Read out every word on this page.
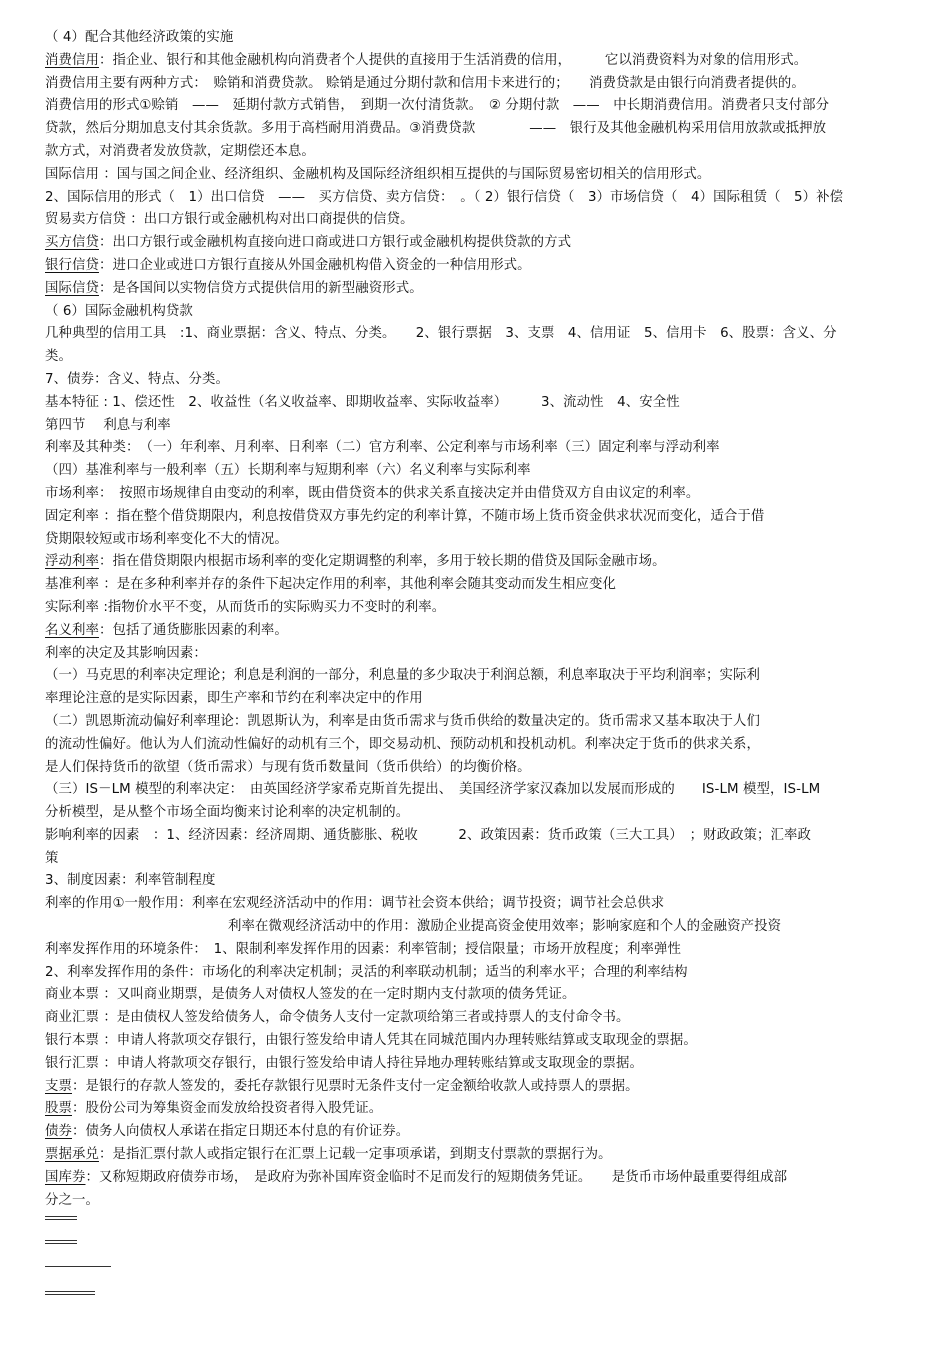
（ 4）配合其他经济政策的实施
消费信用：指企业、银行和其他金融机构向消费者个人提供的直接用于生活消费的信用，　　　它以消费资料为对象的信用形式。
消费信用主要有两种方式：　赊销和消费贷款。 赊销是通过分期付款和信用卡来进行的；　　消费贷款是由银行向消费者提供的。
消费信用的形式①赊销　——　延期付款方式销售，　到期一次付清货款。　② 分期付款　——　中长期消费信用。消费者只支付部分
贷款，然后分期加息支付其余货款。多用于高档耐用消费品。③消费贷款　　　　——　银行及其他金融机构采用信用放款或抵押放
款方式，对消费者发放贷款，定期偿还本息。
国际信用 ：国与国之间企业、经济组织、金融机构及国际经济组织相互提供的与国际贸易密切相关的信用形式。
2、国际信用的形式（　1）出口信贷　——　买方信贷、卖方信贷：　。（ 2）银行信贷（　3）市场信贷（　4）国际租赁（　5）补偿
贸易卖方信贷 ：出口方银行或金融机构对出口商提供的信贷。
买方信贷：出口方银行或金融机构直接向进口商或进口方银行或金融机构提供贷款的方式
银行信贷：进口企业或进口方银行直接从外国金融机构借入资金的一种信用形式。
国际信贷：是各国间以实物信贷方式提供信用的新型融资形式。
（ 6）国际金融机构贷款
几种典型的信用工具　:1、商业票据：含义、特点、分类。　　2、银行票据　3、支票　4、信用证　5、信用卡　6、股票：含义、分
类。
7、债券：含义、特点、分类。
基本特征 : 1、偿还性　2、收益性（名义收益率、即期收益率、实际收益率）　　　3、流动性　4、安全性
第四节　 利息与利率
利率及其种类：　（一）年利率、月利率、日利率（二）官方利率、公定利率与市场利率（三）固定利率与浮动利率
（四）基准利率与一般利率（五）长期利率与短期利率（六）名义利率与实际利率
市场利率：　按照市场规律自由变动的利率，既由借贷资本的供求关系直接决定并由借贷双方自由议定的利率。
固定利率 ：指在整个借贷期限内，利息按借贷双方事先约定的利率计算，不随市场上货币资金供求状况而变化，适合于借
贷期限较短或市场利率变化不大的情况。
浮动利率：指在借贷期限内根据市场利率的变化定期调整的利率，多用于较长期的借贷及国际金融市场。
基准利率 ：是在多种利率并存的条件下起决定作用的利率，其他利率会随其变动而发生相应变化
实际利率 :指物价水平不变，从而货币的实际购买力不变时的利率。
名义利率：包括了通货膨胀因素的利率。
利率的决定及其影响因素：
（一）马克思的利率决定理论；利息是利润的一部分，利息量的多少取决于利润总额，利息率取决于平均利润率；实际利
率理论注意的是实际因素，即生产率和节约在利率决定中的作用
（二）凯恩斯流动偏好利率理论：凯恩斯认为，利率是由货币需求与货币供给的数量决定的。货币需求又基本取决于人们
的流动性偏好。他认为人们流动性偏好的动机有三个，即交易动机、预防动机和投机动机。利率决定于货币的供求关系，
是人们保持货币的欲望（货币需求）与现有货币数量间（货币供给）的均衡价格。
（三）IS－LM 模型的利率决定：　由英国经济学家希克斯首先提出、　美国经济学家汉森加以发展而形成的　　IS-LM 模型，IS-LM
分析模型，是从整个市场全面均衡来讨论利率的决定机制的。
影响利率的因素　：1、经济因素：经济周期、通货膨胀、税收　　　2、政策因素：货币政策（三大工具）　；财政政策；汇率政
策
3、制度因素：利率管制程度
利率的作用①一般作用：利率在宏观经济活动中的作用：调节社会资本供给；调节投资；调节社会总供求
利率在微观经济活动中的作用：激励企业提高资金使用效率；影响家庭和个人的金融资产投资
利率发挥作用的环境条件：　1、限制利率发挥作用的因素：利率管制；授信限量；市场开放程度；利率弹性
2、利率发挥作用的条件：市场化的利率决定机制；灵活的利率联动机制；适当的利率水平；合理的利率结构
商业本票 ：又叫商业期票，是债务人对债权人签发的在一定时期内支付款项的债务凭证。
商业汇票 ：是由债权人签发给债务人，命令债务人支付一定款项给第三者或持票人的支付命令书。
银行本票 ：申请人将款项交存银行，由银行签发给申请人凭其在同城范围内办理转账结算或支取现金的票据。
银行汇票 ：申请人将款项交存银行，由银行签发给申请人持往异地办理转账结算或支取现金的票据。
支票：是银行的存款人签发的，委托存款银行见票时无条件支付一定金额给收款人或持票人的票据。
股票：股份公司为筹集资金而发放给投资者得入股凭证。
债券：债务人向债权人承诺在指定日期还本付息的有价证券。
票据承兑：是指汇票付款人或指定银行在汇票上记载一定事项承诺，到期支付票款的票据行为。
国库券：又称短期政府债券市场，　是政府为弥补国库资金临时不足而发行的短期债务凭证。　　是货币市场仲最重要得组成部
分之一。
